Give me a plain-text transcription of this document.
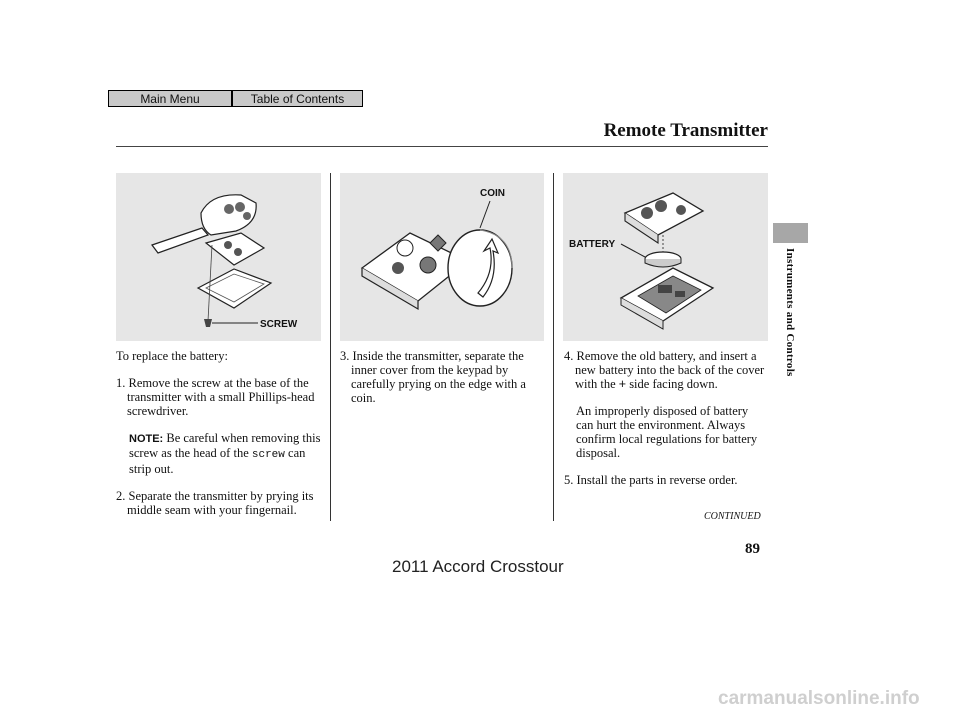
Main Menu	Table of Contents
Remote Transmitter
Instruments and Controls
SCREW
COIN
BATTERY

To replace the battery:

1. Remove the screw at the base of the transmitter with a small Phillips-head screwdriver.

NOTE: Be careful when removing this screw as the head of the screw can strip out.

2. Separate the transmitter by prying its middle seam with your fingernail.

3. Inside the transmitter, separate the inner cover from the keypad by carefully prying on the edge with a coin.

4. Remove the old battery, and insert a new battery into the back of the cover with the + side facing down.

An improperly disposed of battery can hurt the environment. Always confirm local regulations for battery disposal.

5. Install the parts in reverse order.

CONTINUED
89
2011 Accord Crosstour
carmanualsonline.info
